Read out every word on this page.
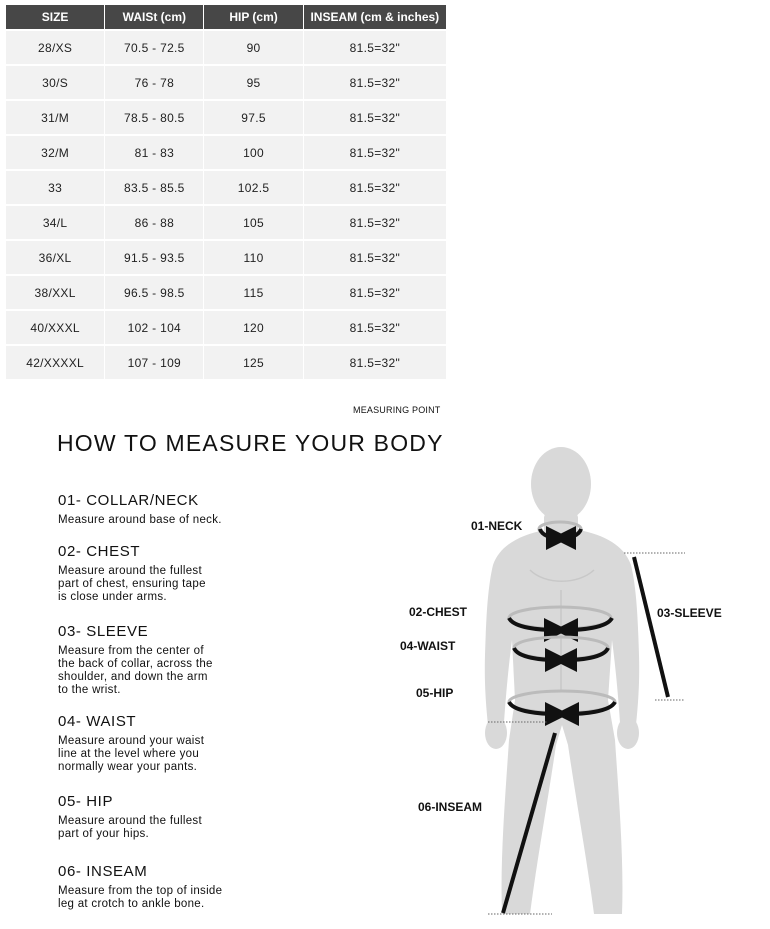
SIZE	WAISt (cm)	HIP (cm)	INSEAM (cm & inches)
28/XS	70.5 - 72.5	90	81.5=32"
30/S	76 - 78	95	81.5=32"
31/M	78.5 - 80.5	97.5	81.5=32"
32/M	81 - 83	100	81.5=32"
33	83.5 - 85.5	102.5	81.5=32"
34/L	86 - 88	105	81.5=32"
36/XL	91.5 - 93.5	110	81.5=32"
38/XXL	96.5 - 98.5	115	81.5=32"
40/XXXL	102 - 104	120	81.5=32"
42/XXXXL	107 - 109	125	81.5=32"
MEASURING POINT
HOW TO MEASURE YOUR BODY
01- COLLAR/NECK

Measure around base of neck.

02- CHEST

Measure around the fullest
part of chest, ensuring tape
is close under arms.

03- SLEEVE

Measure from the center of
the back of collar, across the
shoulder, and down the arm
to the wrist.

04- WAIST

Measure around your waist
line at the level where you
normally wear your pants.

05- HIP

Measure around the fullest
part of your hips.

06- INSEAM

Measure from the top of inside
leg at crotch to ankle bone.

01-NECK
02-CHEST	03-SLEEVE
04-WAIST
05-HIP
06-INSEAM
